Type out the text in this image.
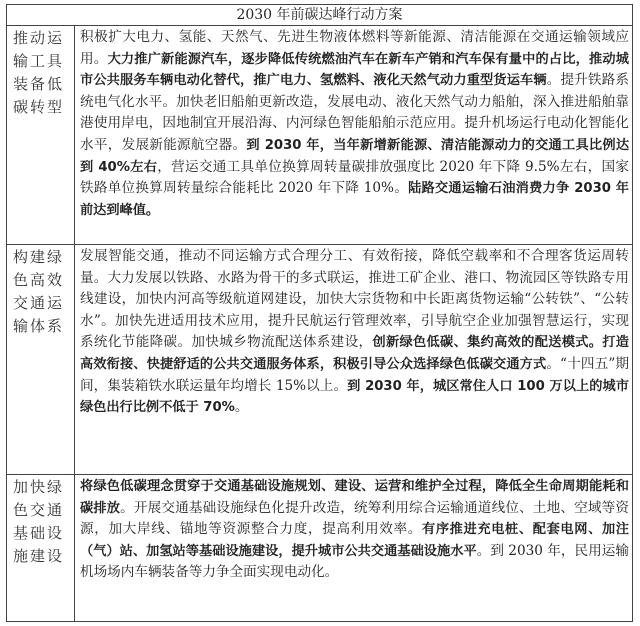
2030 年前碳达峰行动方案	
推动运输工具装备低碳转型	积极扩大电力、氢能、天然气、先进生物液体燃料等新能源、清洁能源在交通运输领域应用。大力推广新能源汽车，逐步降低传统燃油汽车在新车产销和汽车保有量中的占比，推动城市公共服务车辆电动化替代，推广电力、氢燃料、液化天然气动力重型货运车辆。提升铁路系统电气化水平。加快老旧船舶更新改造，发展电动、液化天然气动力船舶，深入推进船舶靠港使用岸电，因地制宜开展沿海、内河绿色智能船舶示范应用。提升机场运行电动化智能化水平，发展新能源航空器。到 2030 年，当年新增新能源、清洁能源动力的交通工具比例达到 40%左右，营运交通工具单位换算周转量碳排放强度比 2020 年下降 9.5%左右，国家铁路单位换算周转量综合能耗比 2020 年下降 10%。陆路交通运输石油消费力争 2030 年前达到峰值。
构建绿色高效交通运输体系	发展智能交通，推动不同运输方式合理分工、有效衔接，降低空载率和不合理客货运周转量。大力发展以铁路、水路为骨干的多式联运，推进工矿企业、港口、物流园区等铁路专用线建设，加快内河高等级航道网建设，加快大宗货物和中长距离货物运输“公转铁”、“公转水”。加快先进适用技术应用，提升民航运行管理效率，引导航空企业加强智慧运行，实现系统化节能降碳。加快城乡物流配送体系建设，创新绿色低碳、集约高效的配送模式。打造高效衔接、快捷舒适的公共交通服务体系，积极引导公众选择绿色低碳交通方式。“十四五”期间，集装箱铁水联运量年均增长 15%以上。到 2030 年，城区常住人口 100 万以上的城市绿色出行比例不低于 70%。
加快绿色交通基础设施建设	将绿色低碳理念贯穿于交通基础设施规划、建设、运营和维护全过程，降低全生命周期能耗和碳排放。开展交通基础设施绿色化提升改造，统筹利用综合运输通道线位、土地、空域等资源，加大岸线、锚地等资源整合力度，提高利用效率。有序推进充电桩、配套电网、加注（气）站、加氢站等基础设施建设，提升城市公共交通基础设施水平。到 2030 年，民用运输机场场内车辆装备等力争全面实现电动化。
